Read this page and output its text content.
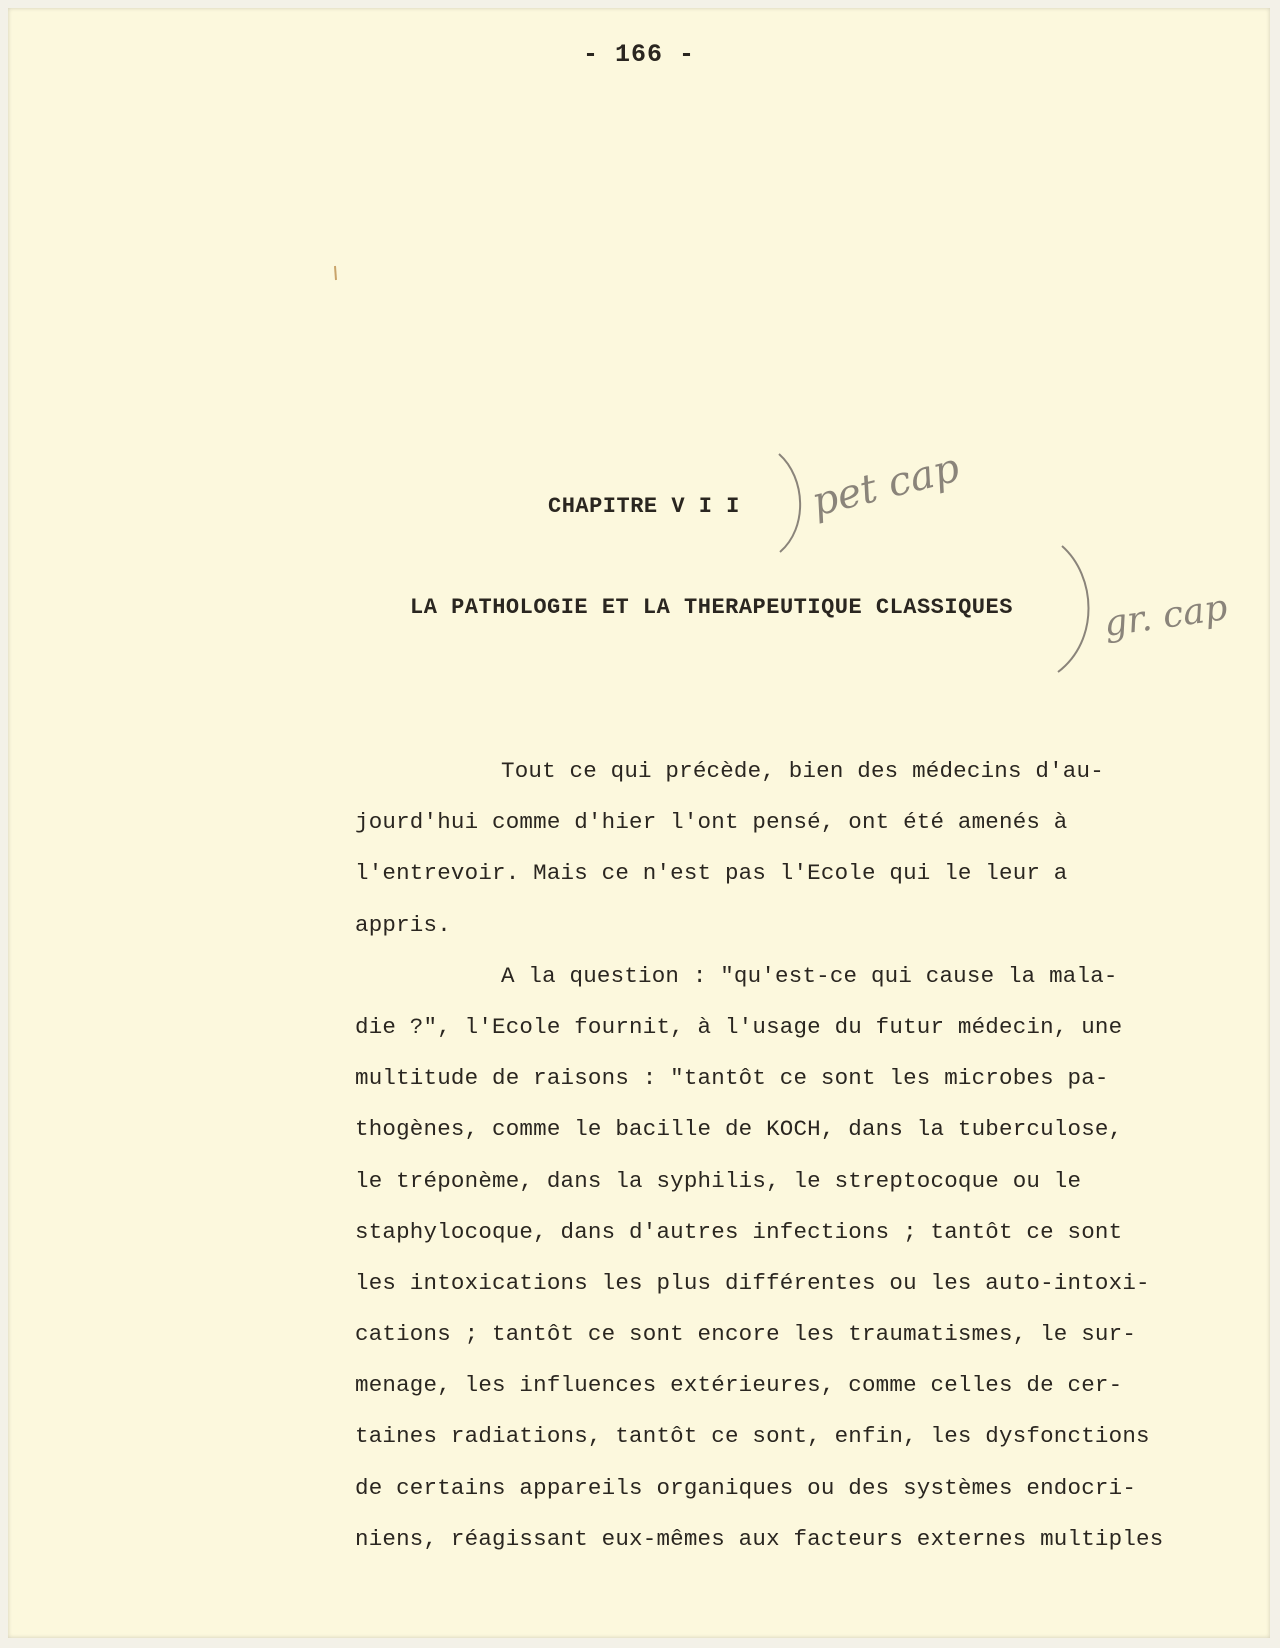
- 166 -
CHAPITRE V I I
LA PATHOLOGIE ET LA THERAPEUTIQUE CLASSIQUES
pet cap
gr. cap
Tout ce qui précède, bien des médecins d'au-
jourd'hui comme d'hier l'ont pensé, ont été amenés à
l'entrevoir. Mais ce n'est pas l'Ecole qui le leur a
appris.
A la question : "qu'est-ce qui cause la mala-
die ?", l'Ecole fournit, à l'usage du futur médecin, une
multitude de raisons : "tantôt ce sont les microbes pa-
thogènes, comme le bacille de KOCH, dans la tuberculose,
le tréponème, dans la syphilis, le streptocoque ou le
staphylocoque, dans d'autres infections ; tantôt ce sont
les intoxications les plus différentes ou les auto-intoxi-
cations ; tantôt ce sont encore les traumatismes, le sur-
menage, les influences extérieures, comme celles de cer-
taines radiations, tantôt ce sont, enfin, les dysfonctions
de certains appareils organiques ou des systèmes endocri-
niens, réagissant eux-mêmes aux facteurs externes multiples
